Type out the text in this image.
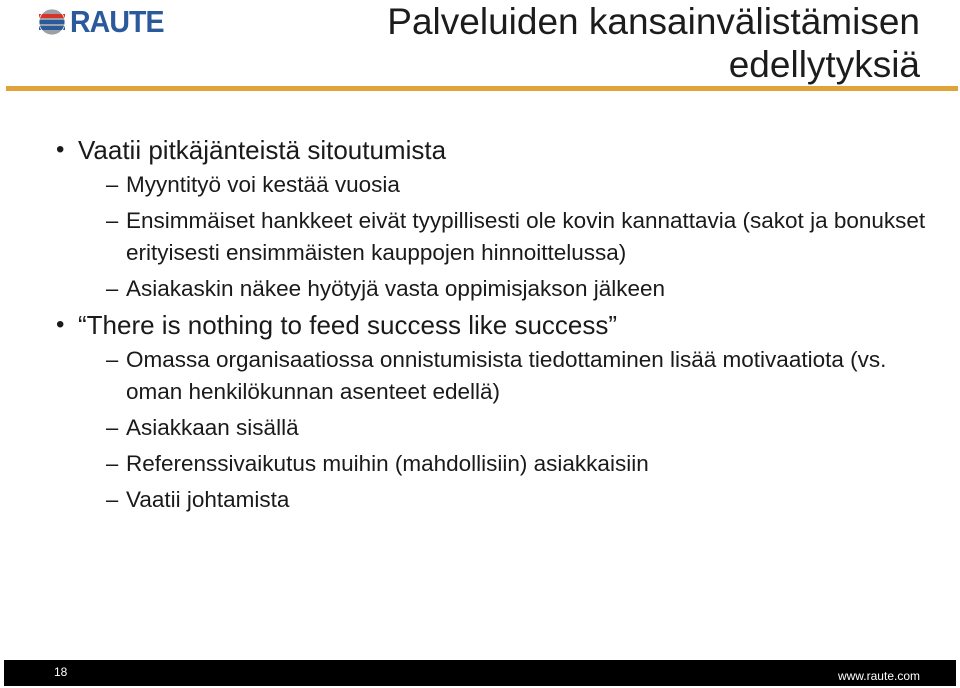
RAUTE	Palveluiden kansainvälistämisen edellytyksiä
• Vaatii pitkäjänteistä sitoutumista
– Myyntityö voi kestää vuosia
– Ensimmäiset hankkeet eivät tyypillisesti ole kovin kannattavia (sakot ja bonukset erityisesti ensimmäisten kauppojen hinnoittelussa)
– Asiakaskin näkee hyötyjä vasta oppimisjakson jälkeen
• “There is nothing to feed success like success”
– Omassa organisaatiossa onnistumisista tiedottaminen lisää motivaatiota (vs. oman henkilökunnan asenteet edellä)
– Asiakkaan sisällä
– Referenssivaikutus muihin (mahdollisiin) asiakkaisiin
– Vaatii johtamista
18	www.raute.com
